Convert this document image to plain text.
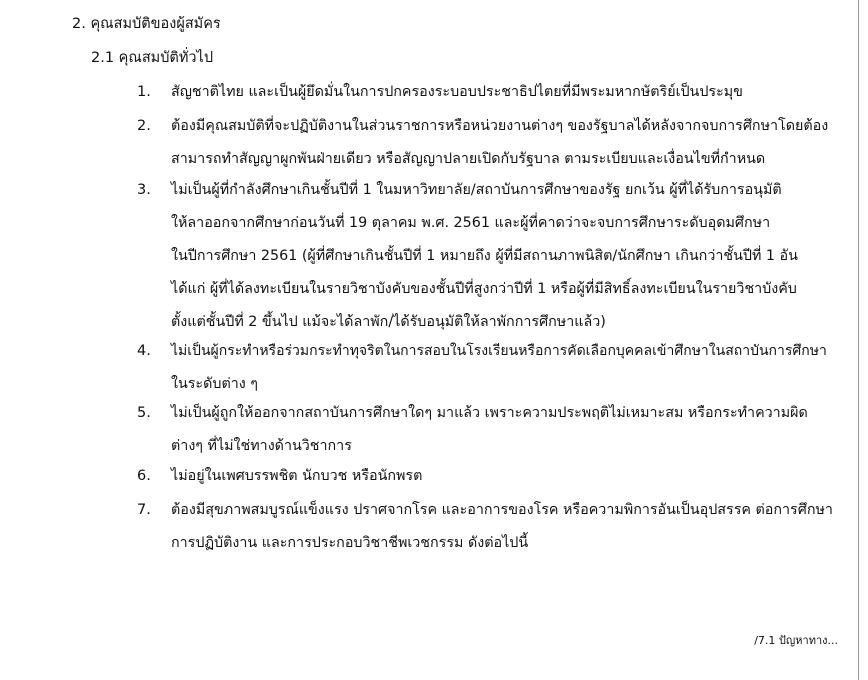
2. คุณสมบัติของผู้สมัคร
2.1 คุณสมบัติทั่วไป
1. สัญชาติไทย และเป็นผู้ยึดมั่นในการปกครองระบอบประชาธิปไตยที่มีพระมหากษัตริย์เป็นประมุข
2. ต้องมีคุณสมบัติที่จะปฏิบัติงานในส่วนราชการหรือหน่วยงานต่างๆ ของรัฐบาลได้หลังจากจบการศึกษาโดยต้อง
สามารถทำสัญญาผูกพันฝ่ายเดียว หรือสัญญาปลายเปิดกับรัฐบาล ตามระเบียบและเงื่อนไขที่กำหนด
3. ไม่เป็นผู้ที่กำลังศึกษาเกินชั้นปีที่ 1 ในมหาวิทยาลัย/สถาบันการศึกษาของรัฐ ยกเว้น ผู้ที่ได้รับการอนุมัติ
ให้ลาออกจากศึกษาก่อนวันที่ 19 ตุลาคม พ.ศ. 2561 และผู้ที่คาดว่าจะจบการศึกษาระดับอุดมศึกษา
ในปีการศึกษา 2561 (ผู้ที่ศึกษาเกินชั้นปีที่ 1 หมายถึง ผู้ที่มีสถานภาพนิสิต/นักศึกษา เกินกว่าชั้นปีที่ 1 อัน
ได้แก่ ผู้ที่ได้ลงทะเบียนในรายวิชาบังคับของชั้นปีที่สูงกว่าปีที่ 1 หรือผู้ที่มีสิทธิ์ลงทะเบียนในรายวิชาบังคับ
ตั้งแต่ชั้นปีที่ 2 ขึ้นไป แม้จะได้ลาพัก/ได้รับอนุมัติให้ลาพักการศึกษาแล้ว)
4. ไม่เป็นผู้กระทำหรือร่วมกระทำทุจริตในการสอบในโรงเรียนหรือการคัดเลือกบุคคลเข้าศึกษาในสถาบันการศึกษา
ในระดับต่าง ๆ
5. ไม่เป็นผู้ถูกให้ออกจากสถาบันการศึกษาใดๆ มาแล้ว เพราะความประพฤติไม่เหมาะสม หรือกระทำความผิด
ต่างๆ ที่ไม่ใช่ทางด้านวิชาการ
6. ไม่อยู่ในเพศบรรพชิต นักบวช หรือนักพรต
7. ต้องมีสุขภาพสมบูรณ์แข็งแรง ปราศจากโรค และอาการของโรค หรือความพิการอันเป็นอุปสรรค ต่อการศึกษา
การปฏิบัติงาน และการประกอบวิชาชีพเวชกรรม ดังต่อไปนี้
/7.1 ปัญหาทาง...
